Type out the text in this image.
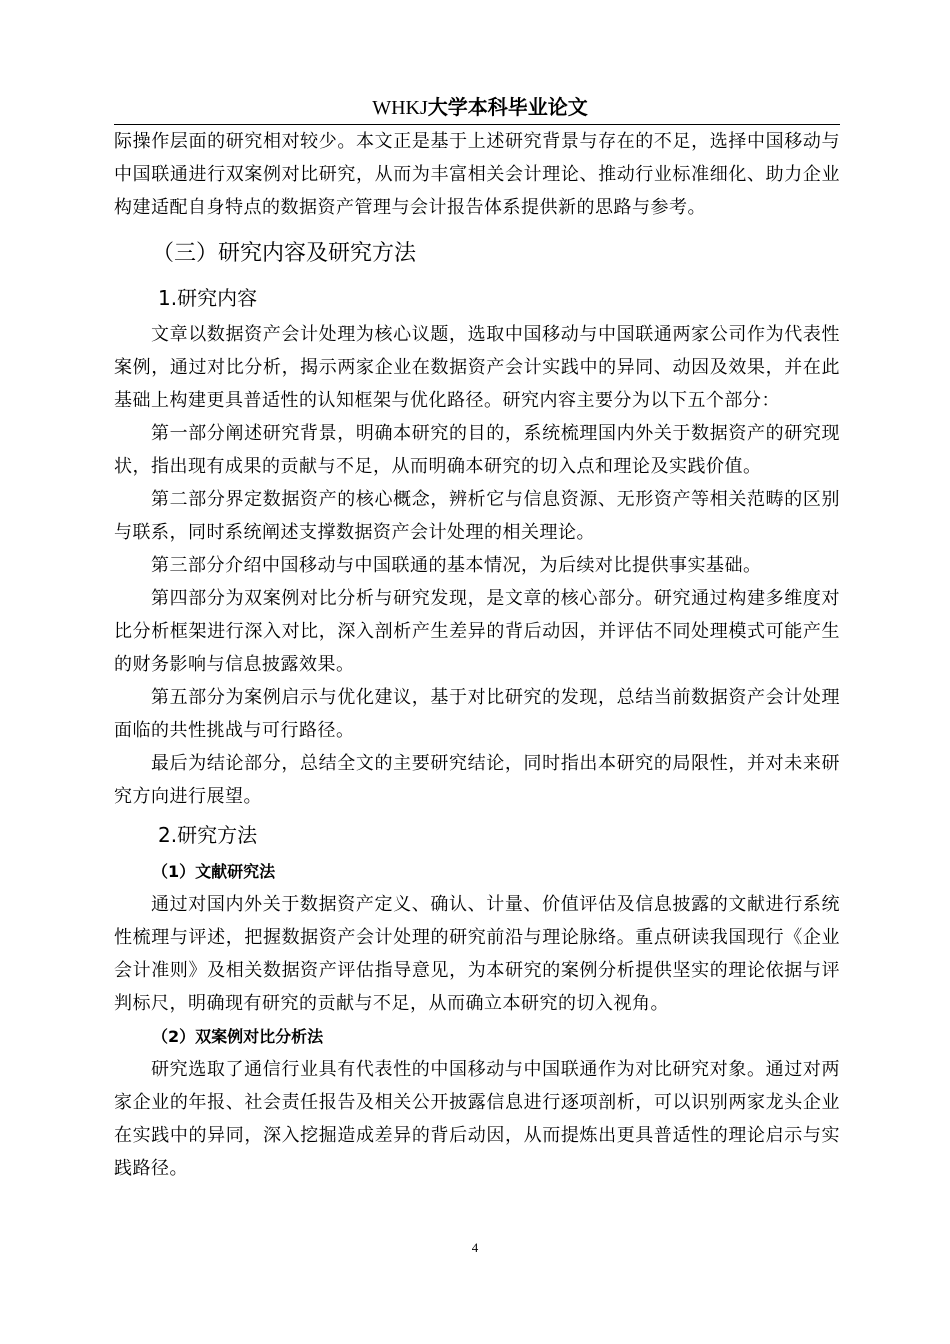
WHKJ大学本科毕业论文

际操作层面的研究相对较少。本文正是基于上述研究背景与存在的不足，选择中国移动与中国联通进行双案例对比研究，从而为丰富相关会计理论、推动行业标准细化、助力企业构建适配自身特点的数据资产管理与会计报告体系提供新的思路与参考。

（三）研究内容及研究方法
1.研究内容

文章以数据资产会计处理为核心议题，选取中国移动与中国联通两家公司作为代表性案例，通过对比分析，揭示两家企业在数据资产会计实践中的异同、动因及效果，并在此基础上构建更具普适性的认知框架与优化路径。研究内容主要分为以下五个部分：

第一部分阐述研究背景，明确本研究的目的，系统梳理国内外关于数据资产的研究现状，指出现有成果的贡献与不足，从而明确本研究的切入点和理论及实践价值。

第二部分界定数据资产的核心概念，辨析它与信息资源、无形资产等相关范畴的区别与联系，同时系统阐述支撑数据资产会计处理的相关理论。

第三部分介绍中国移动与中国联通的基本情况，为后续对比提供事实基础。

第四部分为双案例对比分析与研究发现，是文章的核心部分。研究通过构建多维度对比分析框架进行深入对比，深入剖析产生差异的背后动因，并评估不同处理模式可能产生的财务影响与信息披露效果。

第五部分为案例启示与优化建议，基于对比研究的发现，总结当前数据资产会计处理面临的共性挑战与可行路径。

最后为结论部分，总结全文的主要研究结论，同时指出本研究的局限性，并对未来研究方向进行展望。

2.研究方法
（1）文献研究法

通过对国内外关于数据资产定义、确认、计量、价值评估及信息披露的文献进行系统性梳理与评述，把握数据资产会计处理的研究前沿与理论脉络。重点研读我国现行《企业会计准则》及相关数据资产评估指导意见，为本研究的案例分析提供坚实的理论依据与评判标尺，明确现有研究的贡献与不足，从而确立本研究的切入视角。

（2）双案例对比分析法

研究选取了通信行业具有代表性的中国移动与中国联通作为对比研究对象。通过对两家企业的年报、社会责任报告及相关公开披露信息进行逐项剖析，可以识别两家龙头企业在实践中的异同，深入挖掘造成差异的背后动因，从而提炼出更具普适性的理论启示与实践路径。

4
